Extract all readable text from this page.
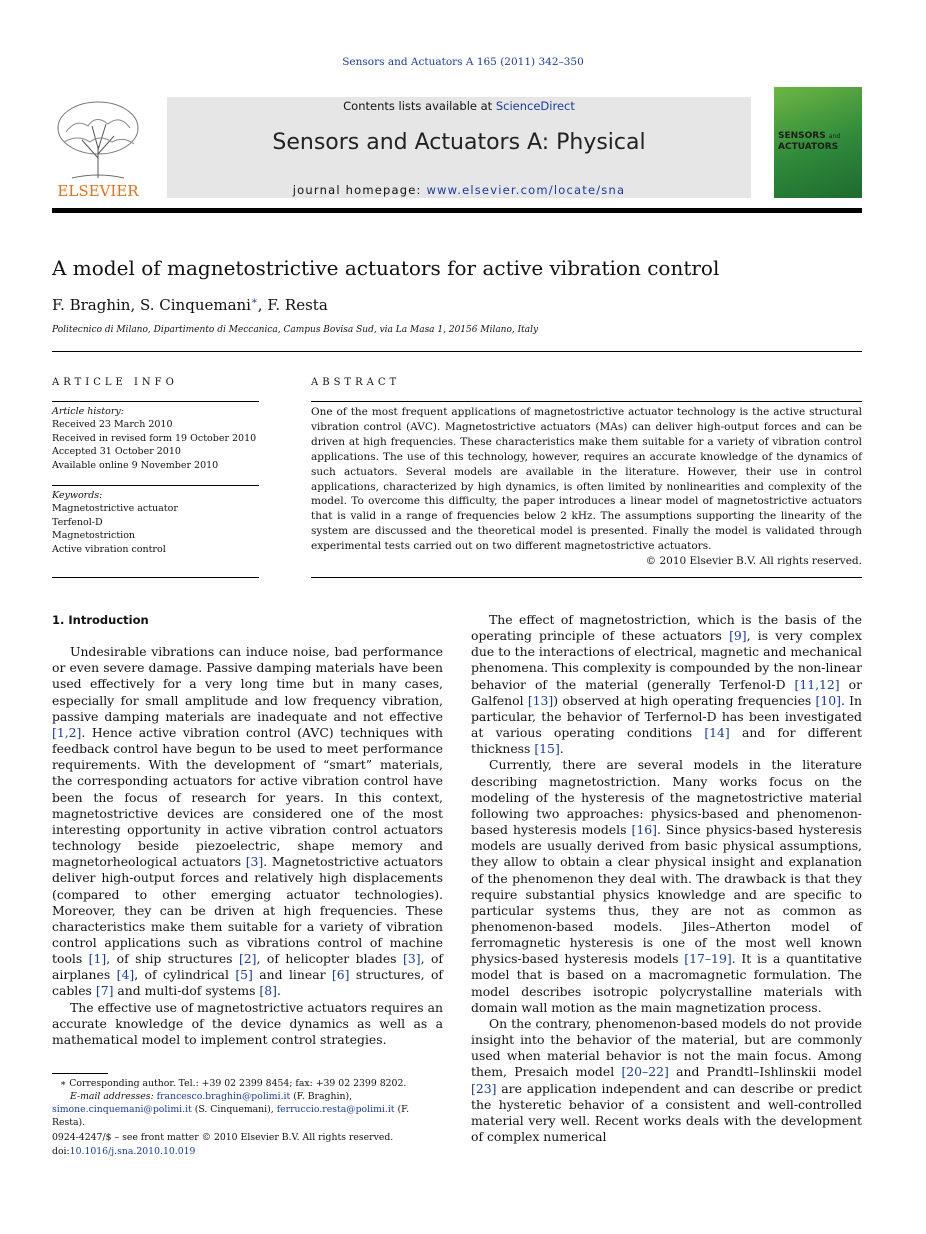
Sensors and Actuators A 165 (2011) 342–350
ELSEVIER
Contents lists available at ScienceDirect
Sensors and Actuators A: Physical
journal homepage: www.elsevier.com/locate/sna
SENSORS and
ACTUATORS
A model of magnetostrictive actuators for active vibration control
F. Braghin, S. Cinquemani∗, F. Resta
Politecnico di Milano, Dipartimento di Meccanica, Campus Bovisa Sud, via La Masa 1, 20156 Milano, Italy
ARTICLE INFO
Article history:
Received 23 March 2010
Received in revised form 19 October 2010
Accepted 31 October 2010
Available online 9 November 2010
Keywords:
Magnetostrictive actuator
Terfenol-D
Magnetostriction
Active vibration control
ABSTRACT
One of the most frequent applications of magnetostrictive actuator technology is the active structural vibration control (AVC). Magnetostrictive actuators (MAs) can deliver high-output forces and can be driven at high frequencies. These characteristics make them suitable for a variety of vibration control applications. The use of this technology, however, requires an accurate knowledge of the dynamics of such actuators. Several models are available in the literature. However, their use in control applications, characterized by high dynamics, is often limited by nonlinearities and complexity of the model. To overcome this difficulty, the paper introduces a linear model of magnetostrictive actuators that is valid in a range of frequencies below 2 kHz. The assumptions supporting the linearity of the system are discussed and the theoretical model is presented. Finally the model is validated through experimental tests carried out on two different magnetostrictive actuators.
© 2010 Elsevier B.V. All rights reserved.

1. Introduction

Undesirable vibrations can induce noise, bad performance or even severe damage. Passive damping materials have been used effectively for a very long time but in many cases, especially for small amplitude and low frequency vibration, passive damping materials are inadequate and not effective [1,2]. Hence active vibration control (AVC) techniques with feedback control have begun to be used to meet performance requirements. With the development of “smart” materials, the corresponding actuators for active vibration control have been the focus of research for years. In this context, magnetostrictive devices are considered one of the most interesting opportunity in active vibration control actuators technology beside piezoelectric, shape memory and magnetorheological actuators [3]. Magnetostrictive actuators deliver high-output forces and relatively high displacements (compared to other emerging actuator technologies). Moreover, they can be driven at high frequencies. These characteristics make them suitable for a variety of vibration control applications such as vibrations control of machine tools [1], of ship structures [2], of helicopter blades [3], of airplanes [4], of cylindrical [5] and linear [6] structures, of cables [7] and multi-dof systems [8].

The effective use of magnetostrictive actuators requires an accurate knowledge of the device dynamics as well as a mathematical model to implement control strategies.

The effect of magnetostriction, which is the basis of the operating principle of these actuators [9], is very complex due to the interactions of electrical, magnetic and mechanical phenomena. This complexity is compounded by the non-linear behavior of the material (generally Terfenol-D [11,12] or Galfenol [13]) observed at high operating frequencies [10]. In particular, the behavior of Terfernol-D has been investigated at various operating conditions [14] and for different thickness [15].

Currently, there are several models in the literature describing magnetostriction. Many works focus on the modeling of the hysteresis of the magnetostrictive material following two approaches: physics-based and phenomenon-based hysteresis models [16]. Since physics-based hysteresis models are usually derived from basic physical assumptions, they allow to obtain a clear physical insight and explanation of the phenomenon they deal with. The drawback is that they require substantial physics knowledge and are specific to particular systems thus, they are not as common as phenomenon-based models. Jiles–Atherton model of ferromagnetic hysteresis is one of the most well known physics-based hysteresis models [17–19]. It is a quantitative model that is based on a macromagnetic formulation. The model describes isotropic polycrystalline materials with domain wall motion as the main magnetization process.

On the contrary, phenomenon-based models do not provide insight into the behavior of the material, but are commonly used when material behavior is not the main focus. Among them, Presaich model [20–22] and Prandtl–Ishlinskii model [23] are application independent and can describe or predict the hysteretic behavior of a consistent and well-controlled material very well. Recent works deals with the development of complex numerical

∗ Corresponding author. Tel.: +39 02 2399 8454; fax: +39 02 2399 8202.
E-mail addresses: francesco.braghin@polimi.it (F. Braghin),
simone.cinquemani@polimi.it (S. Cinquemani), ferruccio.resta@polimi.it (F. Resta).
0924-4247/$ – see front matter © 2010 Elsevier B.V. All rights reserved.
doi:10.1016/j.sna.2010.10.019
